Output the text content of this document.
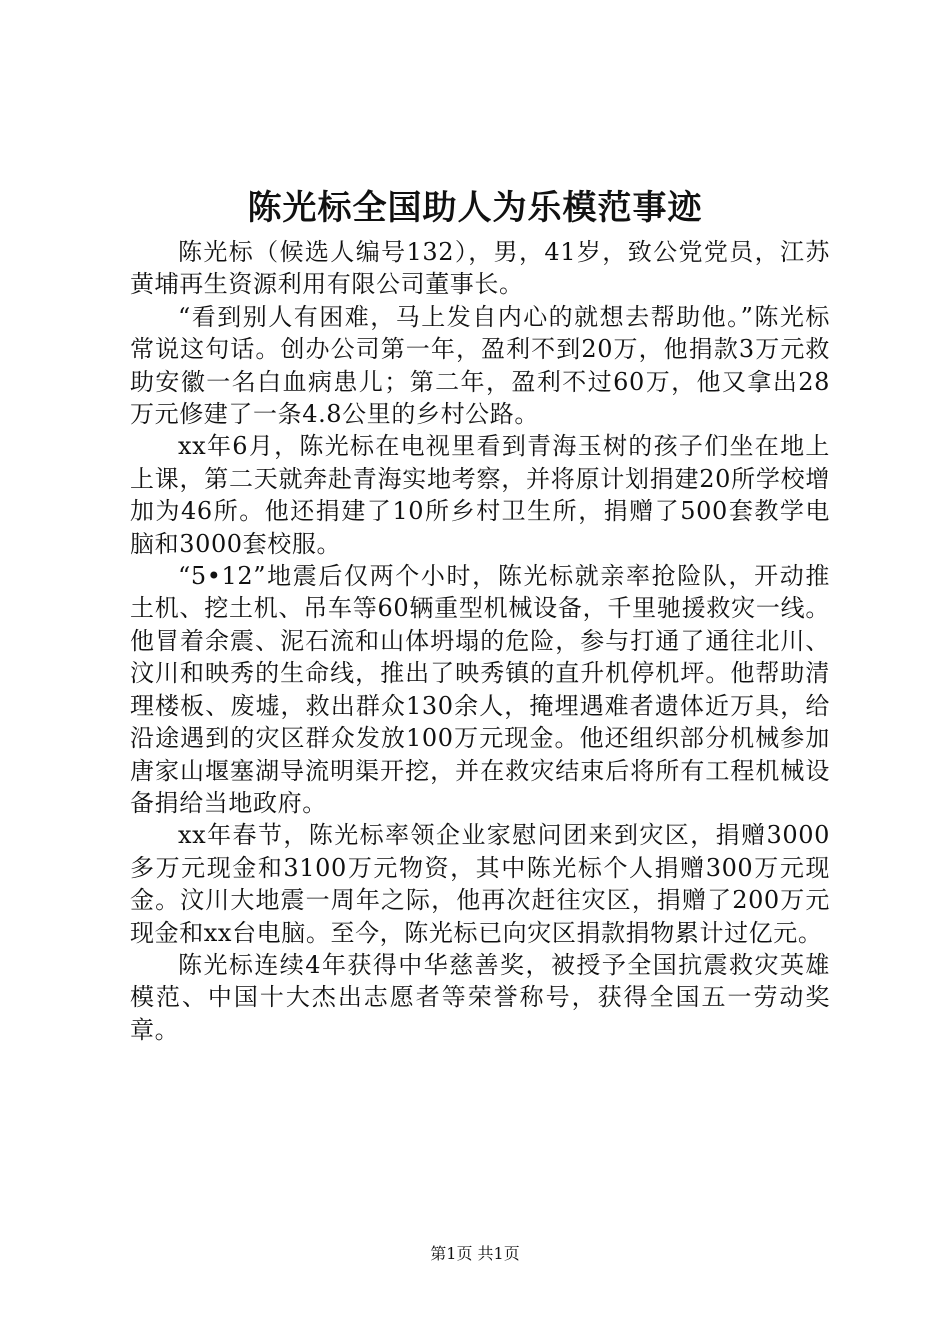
陈光标全国助人为乐模范事迹

陈光标（候选人编号132），男，41岁，致公党党员，江苏黄埔再生资源利用有限公司董事长。

“看到别人有困难，马上发自内心的就想去帮助他。”陈光标常说这句话。创办公司第一年，盈利不到20万，他捐款3万元救助安徽一名白血病患儿；第二年，盈利不过60万，他又拿出28万元修建了一条4.8公里的乡村公路。

xx年6月，陈光标在电视里看到青海玉树的孩子们坐在地上上课，第二天就奔赴青海实地考察，并将原计划捐建20所学校增加为46所。他还捐建了10所乡村卫生所，捐赠了500套教学电脑和3000套校服。

“5•12”地震后仅两个小时，陈光标就亲率抢险队，开动推土机、挖土机、吊车等60辆重型机械设备，千里驰援救灾一线。他冒着余震、泥石流和山体坍塌的危险，参与打通了通往北川、汶川和映秀的生命线，推出了映秀镇的直升机停机坪。他帮助清理楼板、废墟，救出群众130余人，掩埋遇难者遗体近万具，给沿途遇到的灾区群众发放100万元现金。他还组织部分机械参加唐家山堰塞湖导流明渠开挖，并在救灾结束后将所有工程机械设备捐给当地政府。

xx年春节，陈光标率领企业家慰问团来到灾区，捐赠3000多万元现金和3100万元物资，其中陈光标个人捐赠300万元现金。汶川大地震一周年之际，他再次赶往灾区，捐赠了200万元现金和xx台电脑。至今，陈光标已向灾区捐款捐物累计过亿元。

陈光标连续4年获得中华慈善奖，被授予全国抗震救灾英雄模范、中国十大杰出志愿者等荣誉称号，获得全国五一劳动奖章。

第1页 共1页
